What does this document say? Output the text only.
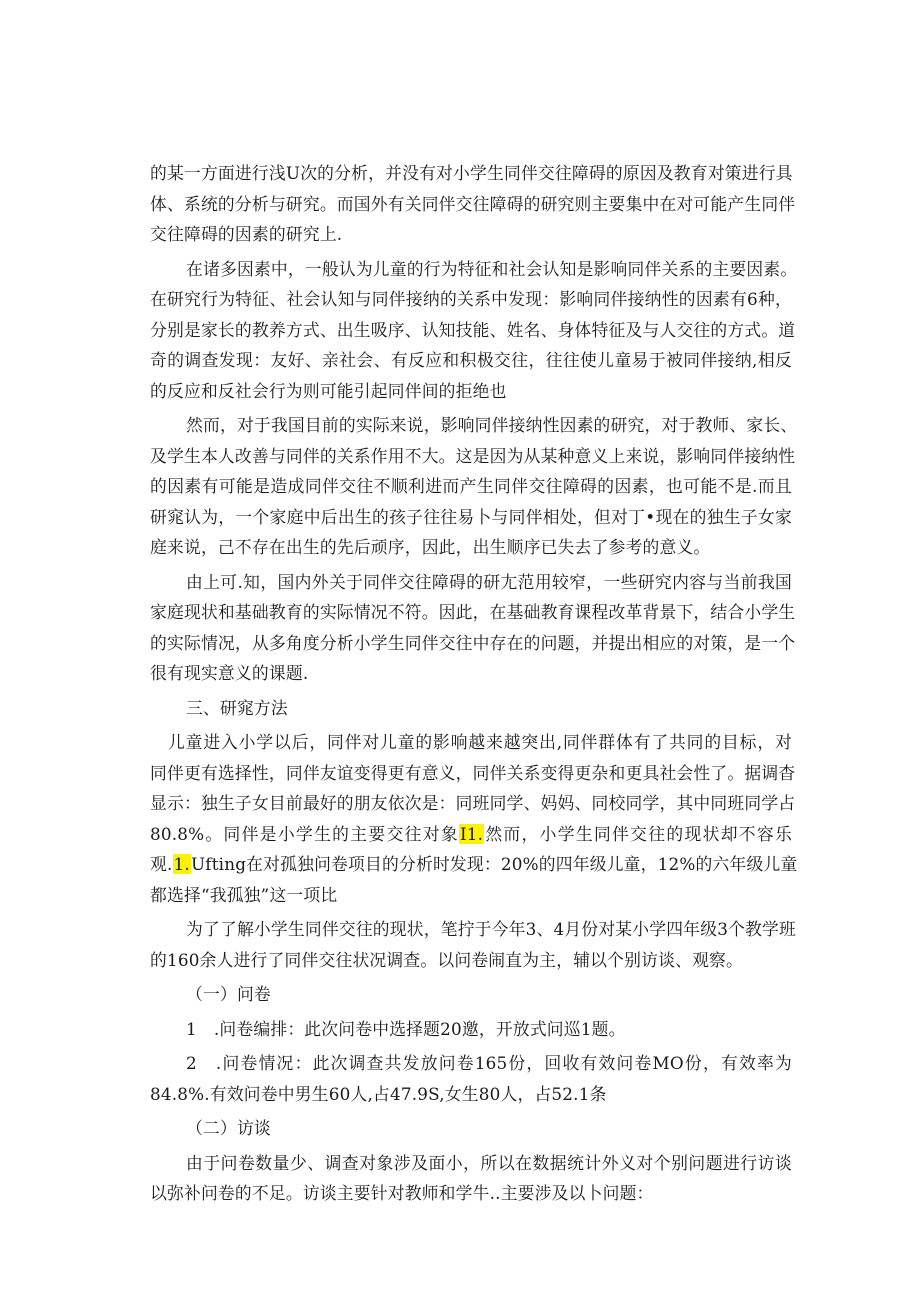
的某一方面进行浅U次的分析，并没有对小学生同伴交往障碍的原因及教育对策进行具
体、系统的分析与研究。而国外有关同伴交往障碍的研究则主要集中在对可能产生同伴
交往障碍的因素的研究上.
在诸多因素中，一般认为儿童的行为特征和社会认知是影响同伴关系的主要因素。
在研究行为特征、社会认知与同伴接纳的关系中发现：影响同伴接纳性的因素有6种，
分别是家长的教养方式、出生吸序、认知技能、姓名、身体特征及与人交往的方式。道
奇的调查发现：友好、亲社会、有反应和积极交往，往往使儿童易于被同伴接纳,相反
的反应和反社会行为则可能引起同伴间的拒绝也
然而，对于我国目前的实际来说，影响同伴接纳性因素的研究，对于教师、家长、
及学生本人改善与同伴的关系作用不大。这是因为从某种意义上来说，影响同伴接纳性
的因素有可能是造成同伴交往不顺利进而产生同伴交往障碍的因素，也可能不是.而且
研窕认为，一个家庭中后出生的孩子往往易卜与同伴相处，但对丁•现在的独生子女家
庭来说，己不存在出生的先后顽序，因此，出生顺序已失去了参考的意义。
由上可.知，国内外关于同伴交往障碍的研尢范用较窄，一些研究内容与当前我国
家庭现状和基础教育的实际情况不符。因此，在基础教育课程改革背景下，结合小学生
的实际情况，从多角度分析小学生同伴交往中存在的问题，并提出相应的对策，是一个
很有现实意义的课题.
三、研窕方法
儿童进入小学以后，同伴对儿童的影响越来越突出,同伴群体有了共同的目标，对
同伴更有选择性，同伴友谊变得更有意义，同伴关系变得更杂和更具社会性了。据调杳
显示：独生子女目前最好的朋友依次是：同班同学、妈妈、同校同学，其中同班同学占
80.8%。同伴是小学生的主要交往对象I1.然而，小学生同伴交往的现状却不容乐
观.1.Ufting在对孤独问卷项目的分析时发现：20%的四年级儿童，12%的六年级儿童
都选择“我孤独”这一项比
为了了解小学生同伴交往的现状，笔拧于今年3、4月份对某小学四年级3个教学班
的160余人进行了同伴交往状况调查。以问卷闹直为主，辅以个别访谈、观察。
（一）问卷
1　.问卷编排：此次问卷中选择题20邀，开放式问巡1题。
2　.问卷情况：此次调查共发放问卷165份，回收有效问卷MO份，有效率为
84.8%.有效问卷中男生60人,占47.9S,女生80人，占52.1条
（二）访谈
由于问卷数量少、调查对象涉及面小，所以在数据统计外义对个别问题进行访谈
以弥补问卷的不足。访谈主要针对教师和学牛..主要涉及以卜问题：
